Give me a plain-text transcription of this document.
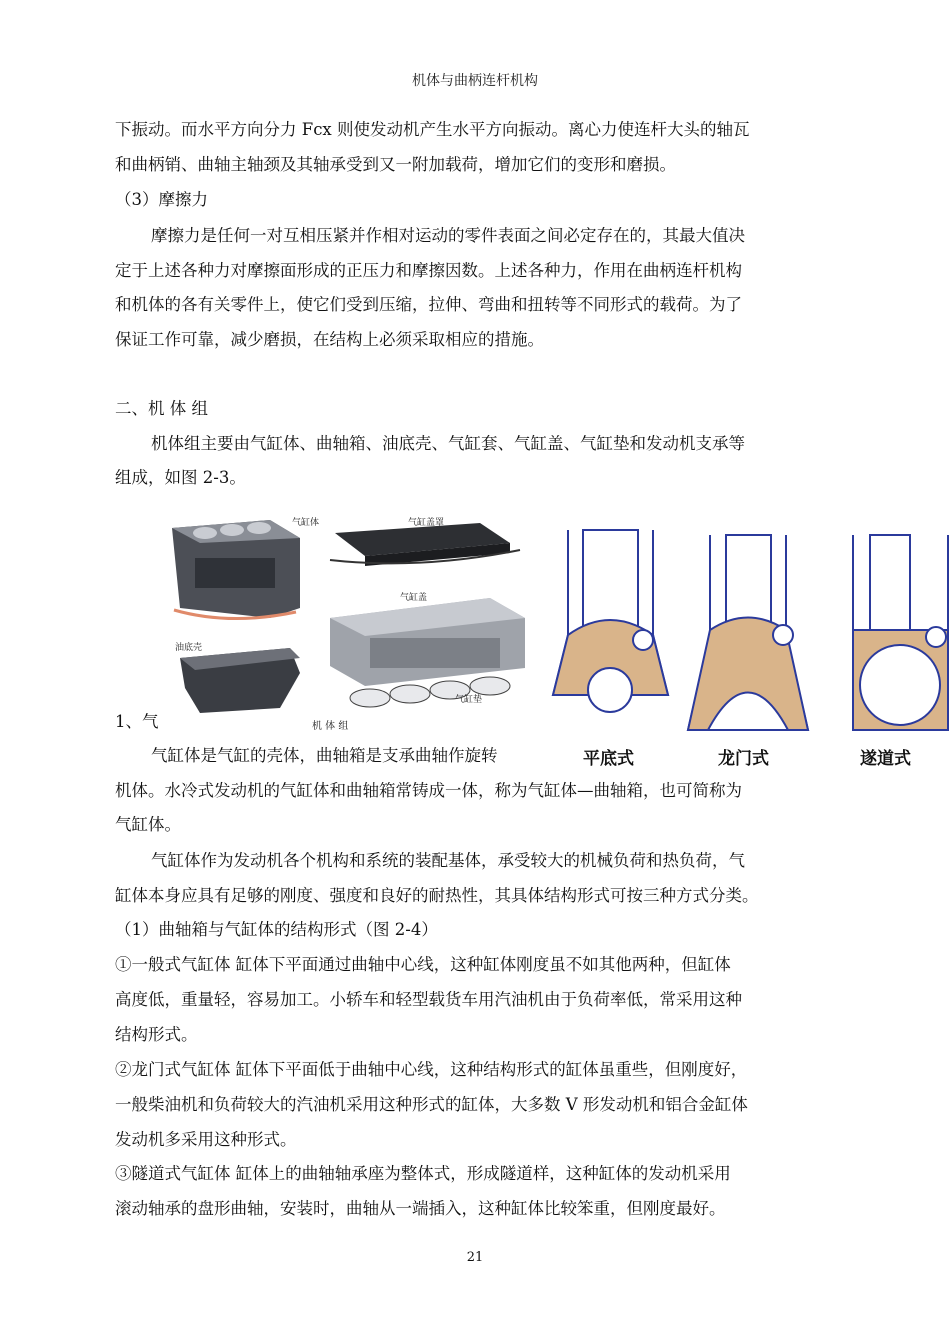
机体与曲柄连杆机构
下振动。而水平方向分力 Fcx 则使发动机产生水平方向振动。离心力使连杆大头的轴瓦
和曲柄销、曲轴主轴颈及其轴承受到又一附加载荷，增加它们的变形和磨损。
（3）摩擦力
摩擦力是任何一对互相压紧并作相对运动的零件表面之间必定存在的，其最大值决
定于上述各种力对摩擦面形成的正压力和摩擦因数。上述各种力，作用在曲柄连杆机构
和机体的各有关零件上，使它们受到压缩，拉伸、弯曲和扭转等不同形式的载荷。为了
保证工作可靠，减少磨损，在结构上必须采取相应的措施。
二、机 体 组
机体组主要由气缸体、曲轴箱、油底壳、气缸套、气缸盖、气缸垫和发动机支承等
组成，如图 2-3。
气缸体	气缸盖罩
气缸盖
油底壳
气缸垫
机 体 组
平底式	龙门式	遂道式
1、气
气缸体是气缸的壳体，曲轴箱是支承曲轴作旋转
机体。水冷式发动机的气缸体和曲轴箱常铸成一体，称为气缸体—曲轴箱，也可简称为
气缸体。
气缸体作为发动机各个机构和系统的装配基体，承受较大的机械负荷和热负荷，气
缸体本身应具有足够的刚度、强度和良好的耐热性，其具体结构形式可按三种方式分类。
（1）曲轴箱与气缸体的结构形式（图 2-4）
①一般式气缸体 缸体下平面通过曲轴中心线，这种缸体刚度虽不如其他两种，但缸体
高度低，重量轻，容易加工。小轿车和轻型载货车用汽油机由于负荷率低，常采用这种
结构形式。
②龙门式气缸体 缸体下平面低于曲轴中心线，这种结构形式的缸体虽重些，但刚度好，
一般柴油机和负荷较大的汽油机采用这种形式的缸体，大多数 V 形发动机和铝合金缸体
发动机多采用这种形式。
③隧道式气缸体 缸体上的曲轴轴承座为整体式，形成隧道样，这种缸体的发动机采用
滚动轴承的盘形曲轴，安装时，曲轴从一端插入，这种缸体比较笨重，但刚度最好。
21
